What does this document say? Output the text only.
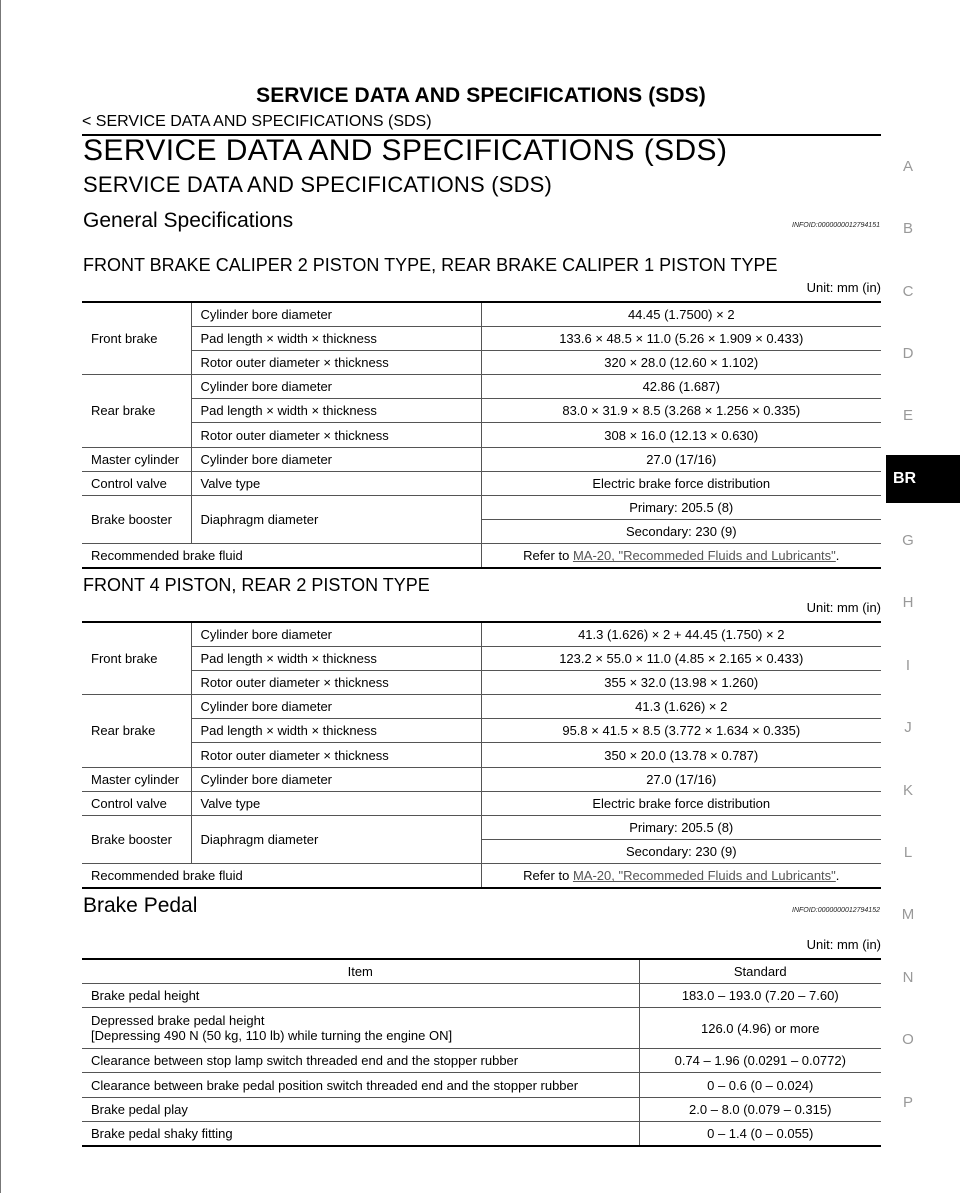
SERVICE DATA AND SPECIFICATIONS (SDS)
< SERVICE DATA AND SPECIFICATIONS (SDS)
SERVICE DATA AND SPECIFICATIONS (SDS)
SERVICE DATA AND SPECIFICATIONS (SDS)
General Specifications	INFOID:0000000012794151
FRONT BRAKE CALIPER 2 PISTON TYPE, REAR BRAKE CALIPER 1 PISTON TYPE
Unit: mm (in)
Front brake	Cylinder bore diameter	44.45 (1.7500) × 2
	Pad length × width × thickness	133.6 × 48.5 × 11.0 (5.26 × 1.909 × 0.433)
	Rotor outer diameter × thickness	320 × 28.0 (12.60 × 1.102)
Rear brake	Cylinder bore diameter	42.86 (1.687)
	Pad length × width × thickness	83.0 × 31.9 × 8.5 (3.268 × 1.256 × 0.335)
	Rotor outer diameter × thickness	308 × 16.0 (12.13 × 0.630)
Master cylinder	Cylinder bore diameter	27.0 (17/16)
Control valve	Valve type	Electric brake force distribution
Brake booster	Diaphragm diameter	Primary: 205.5 (8)
		Secondary: 230 (9)
Recommended brake fluid		Refer to MA-20, "Recommeded Fluids and Lubricants".
FRONT 4 PISTON, REAR 2 PISTON TYPE
Unit: mm (in)
Front brake	Cylinder bore diameter	41.3 (1.626) × 2 + 44.45 (1.750) × 2
	Pad length × width × thickness	123.2 × 55.0 × 11.0 (4.85 × 2.165 × 0.433)
	Rotor outer diameter × thickness	355 × 32.0 (13.98 × 1.260)
Rear brake	Cylinder bore diameter	41.3 (1.626) × 2
	Pad length × width × thickness	95.8 × 41.5 × 8.5 (3.772 × 1.634 × 0.335)
	Rotor outer diameter × thickness	350 × 20.0 (13.78 × 0.787)
Master cylinder	Cylinder bore diameter	27.0 (17/16)
Control valve	Valve type	Electric brake force distribution
Brake booster	Diaphragm diameter	Primary: 205.5 (8)
		Secondary: 230 (9)
Recommended brake fluid		Refer to MA-20, "Recommeded Fluids and Lubricants".
Brake Pedal	INFOID:0000000012794152
Unit: mm (in)
Item	Standard
Brake pedal height	183.0 – 193.0 (7.20 – 7.60)

Depressed brake pedal height
[Depressing 490 N (50 kg, 110 lb) while turning the engine ON]	126.0 (4.96) or more
Clearance between stop lamp switch threaded end and the stopper rubber	0.74 – 1.96 (0.0291 – 0.0772)
Clearance between brake pedal position switch threaded end and the stopper rubber	0 – 0.6 (0 – 0.024)
Brake pedal play	2.0 – 8.0 (0.079 – 0.315)
Brake pedal shaky fitting	0 – 1.4 (0 – 0.055)
A
B
C
D
E
BR
G
H
I
J
K
L
M
N
O
P
